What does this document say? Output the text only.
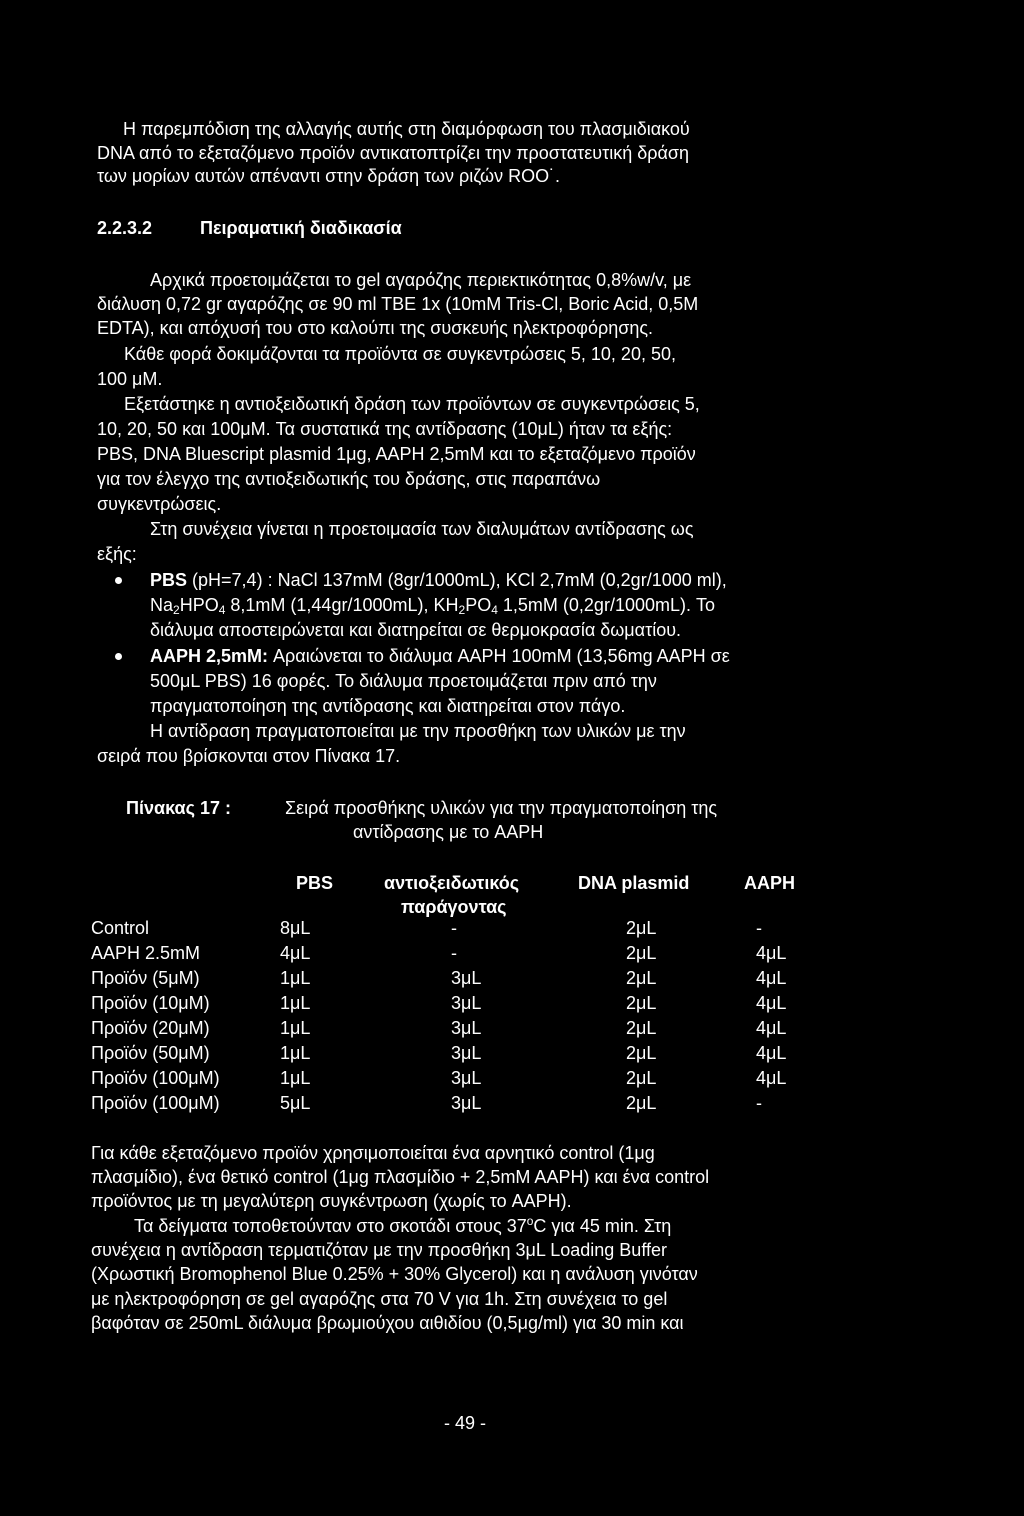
Η παρεμπόδιση της αλλαγής αυτής στη διαμόρφωση του πλασμιδιακού
DNA από το εξεταζόμενο προϊόν αντικατοπτρίζει την προστατευτική δράση
των μορίων αυτών απέναντι στην δράση των ριζών ROO˙.
2.2.3.2	Πειραματική διαδικασία
Αρχικά προετοιμάζεται το gel αγαρόζης περιεκτικότητας 0,8%w/v, με
διάλυση 0,72 gr αγαρόζης σε 90 ml TBE 1x (10mM Tris-Cl, Boric Acid, 0,5M
EDTA), και απόχυσή του στο καλούπι της συσκευής ηλεκτροφόρησης.
Κάθε φορά δοκιμάζονται τα προϊόντα σε συγκεντρώσεις 5, 10, 20, 50,
100 μM.
Εξετάστηκε η αντιοξειδωτική δράση των προϊόντων σε συγκεντρώσεις 5,
10, 20, 50 και 100μM. Τα συστατικά της αντίδρασης (10μL) ήταν τα εξής:
PBS, DNA Bluescript plasmid 1μg, AAPH 2,5mM και το εξεταζόμενο προϊόν
για τον έλεγχο της αντιοξειδωτικής του δράσης, στις παραπάνω
συγκεντρώσεις.
Στη συνέχεια γίνεται η προετοιμασία των διαλυμάτων αντίδρασης ως
εξής:
PBS (pH=7,4) : NaCl 137mM (8gr/1000mL), KCl 2,7mM (0,2gr/1000 ml),
$Na_2HPO_4$ 8,1mM (1,44gr/1000mL), $KH_2PO_4$ 1,5mM (0,2gr/1000mL). Το
διάλυμα αποστειρώνεται και διατηρείται σε θερμοκρασία δωματίου.
AAPH 2,5mM: Αραιώνεται το διάλυμα AAPH 100mM (13,56mg AAPH σε
500μL PBS) 16 φορές. Το διάλυμα προετοιμάζεται πριν από την
πραγματοποίηση της αντίδρασης και διατηρείται στον πάγο.
Η αντίδραση πραγματοποιείται με την προσθήκη των υλικών με την
σειρά που βρίσκονται στον Πίνακα 17.
Πίνακας 17 :	Σειρά προσθήκης υλικών για την πραγματοποίηση της
αντίδρασης με το AAPH
PBS	αντιοξειδωτικός
παράγοντας
DNA plasmid	AAPH
Control	8μL	-	2μL	-
AAPH 2.5mM	4μL	-	2μL	4μL
Προϊόν (5μM)	1μL	3μL	2μL	4μL
Προϊόν (10μM)	1μL	3μL	2μL	4μL
Προϊόν (20μM)	1μL	3μL	2μL	4μL
Προϊόν (50μM)	1μL	3μL	2μL	4μL
Προϊόν (100μM)	1μL	3μL	2μL	4μL
Προϊόν (100μM)	5μL	3μL	2μL	-
Για κάθε εξεταζόμενο προϊόν χρησιμοποιείται ένα αρνητικό control (1μg
πλασμίδιο), ένα θετικό control (1μg πλασμίδιο + 2,5mM AAPH) και ένα control
προϊόντος με τη μεγαλύτερη συγκέντρωση (χωρίς το AAPH).
Τα δείγματα τοποθετούνταν στο σκοτάδι στους 37$^o$C για 45 min. Στη
συνέχεια η αντίδραση τερματιζόταν με την προσθήκη 3μL Loading Buffer
(Χρωστική Bromophenol Blue 0.25% + 30% Glycerol) και η ανάλυση γινόταν
με ηλεκτροφόρηση σε gel αγαρόζης στα 70 V για 1h. Στη συνέχεια το gel
βαφόταν σε 250mL διάλυμα βρωμιούχου αιθιδίου (0,5μg/ml) για 30 min και
- 49 -
